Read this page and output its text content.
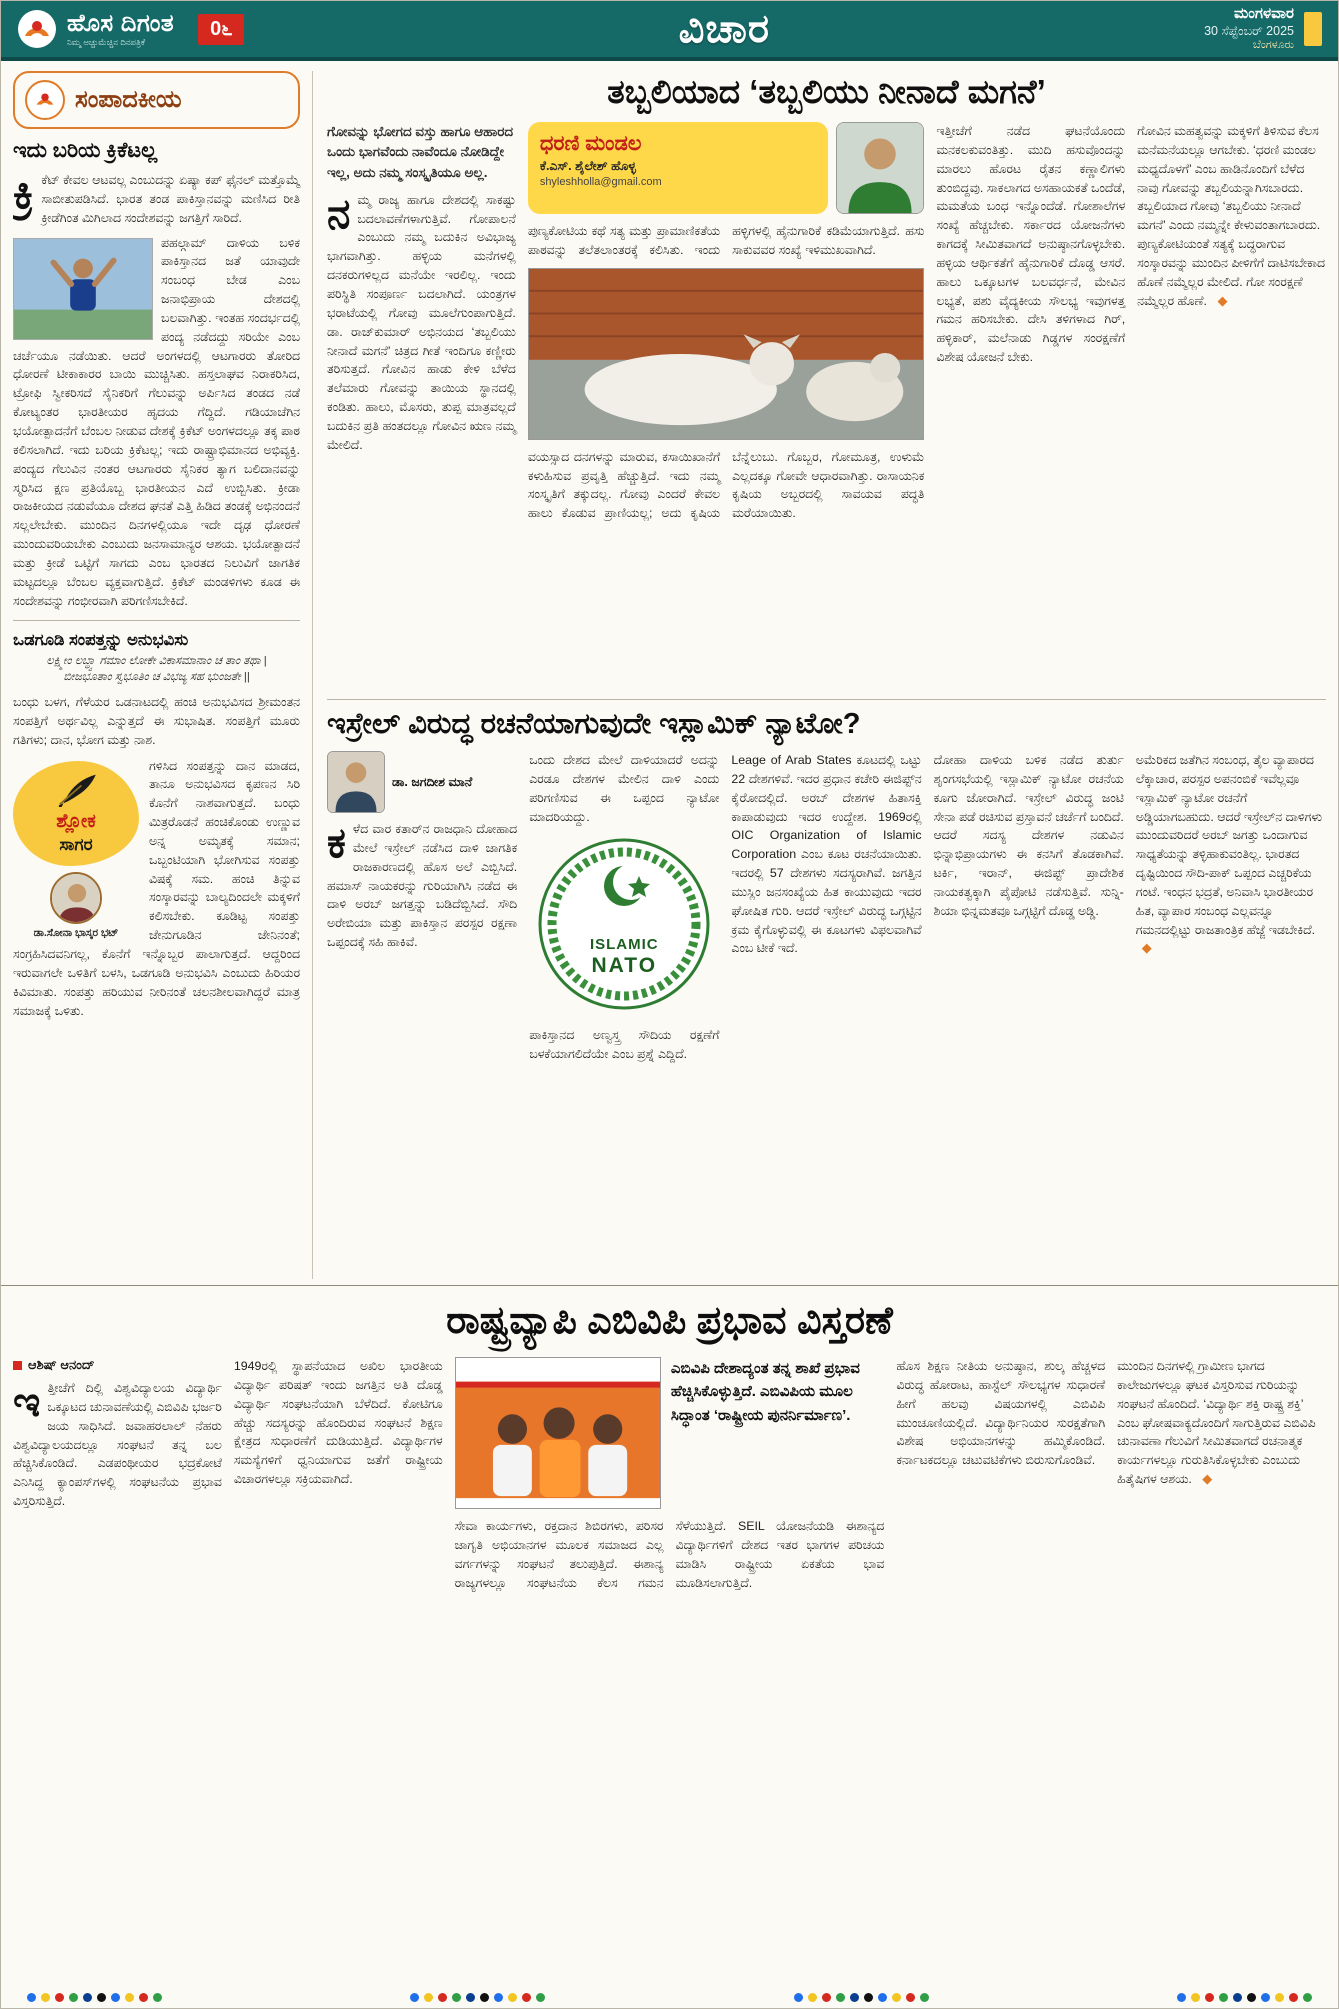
ಹೊಸ ದಿಗಂತ
ನಿಮ್ಮ ಅಚ್ಚುಮೆಚ್ಚಿನ ದಿನಪತ್ರಿಕೆ
0೬	ವಿಚಾರ	ಮಂಗಳವಾರ
30 ಸೆಪ್ಟೆಂಬರ್ 2025
ಬೆಂಗಳೂರು
ಸಂಪಾದಕೀಯ
ಇದು ಬರಿಯ ಕ್ರಿಕೆಟಲ್ಲ

ಕ್ರಿ ಕೆಟ್ ಕೇವಲ ಆಟವಲ್ಲ ಎಂಬುದನ್ನು ಏಷ್ಯಾ ಕಪ್ ಫೈನಲ್ ಮತ್ತೊಮ್ಮೆ ಸಾಬೀತುಪಡಿಸಿದೆ. ಭಾರತ ತಂಡ ಪಾಕಿಸ್ತಾನವನ್ನು ಮಣಿಸಿದ ರೀತಿ ಕ್ರೀಡೆಗಿಂತ ಮಿಗಿಲಾದ ಸಂದೇಶವನ್ನು ಜಗತ್ತಿಗೆ ಸಾರಿದೆ.

ಪಹಲ್ಗಾಮ್ ದಾಳಿಯ ಬಳಿಕ ಪಾಕಿಸ್ತಾನದ ಜತೆ ಯಾವುದೇ ಸಂಬಂಧ ಬೇಡ ಎಂಬ ಜನಾಭಿಪ್ರಾಯ ದೇಶದಲ್ಲಿ ಬಲವಾಗಿತ್ತು. ಇಂತಹ ಸಂದರ್ಭದಲ್ಲಿ ಪಂದ್ಯ ನಡೆದದ್ದು ಸರಿಯೇ ಎಂಬ ಚರ್ಚೆಯೂ ನಡೆಯಿತು. ಆದರೆ ಅಂಗಳದಲ್ಲಿ ಆಟಗಾರರು ತೋರಿದ ಧೋರಣೆ ಟೀಕಾಕಾರರ ಬಾಯಿ ಮುಚ್ಚಿಸಿತು. ಹಸ್ತಲಾಘವ ನಿರಾಕರಿಸಿದ, ಟ್ರೋಫಿ ಸ್ವೀಕರಿಸದೆ ಸೈನಿಕರಿಗೆ ಗೆಲುವನ್ನು ಅರ್ಪಿಸಿದ ತಂಡದ ನಡೆ ಕೋಟ್ಯಂತರ ಭಾರತೀಯರ ಹೃದಯ ಗೆದ್ದಿದೆ. ಗಡಿಯಾಚೆಗಿನ ಭಯೋತ್ಪಾದನೆಗೆ ಬೆಂಬಲ ನೀಡುವ ದೇಶಕ್ಕೆ ಕ್ರಿಕೆಟ್ ಅಂಗಳದಲ್ಲೂ ತಕ್ಕ ಪಾಠ ಕಲಿಸಲಾಗಿದೆ. ಇದು ಬರಿಯ ಕ್ರಿಕೆಟಲ್ಲ; ಇದು ರಾಷ್ಟ್ರಾಭಿಮಾನದ ಅಭಿವ್ಯಕ್ತಿ. ಪಂದ್ಯದ ಗೆಲುವಿನ ನಂತರ ಆಟಗಾರರು ಸೈನಿಕರ ತ್ಯಾಗ ಬಲಿದಾನವನ್ನು ಸ್ಮರಿಸಿದ ಕ್ಷಣ ಪ್ರತಿಯೊಬ್ಬ ಭಾರತೀಯನ ಎದೆ ಉಬ್ಬಿಸಿತು. ಕ್ರೀಡಾ ರಾಜಕೀಯದ ನಡುವೆಯೂ ದೇಶದ ಘನತೆ ಎತ್ತಿ ಹಿಡಿದ ತಂಡಕ್ಕೆ ಅಭಿನಂದನೆ ಸಲ್ಲಲೇಬೇಕು. ಮುಂದಿನ ದಿನಗಳಲ್ಲಿಯೂ ಇದೇ ದೃಢ ಧೋರಣೆ ಮುಂದುವರಿಯಬೇಕು ಎಂಬುದು ಜನಸಾಮಾನ್ಯರ ಆಶಯ. ಭಯೋತ್ಪಾದನೆ ಮತ್ತು ಕ್ರೀಡೆ ಒಟ್ಟಿಗೆ ಸಾಗದು ಎಂಬ ಭಾರತದ ನಿಲುವಿಗೆ ಜಾಗತಿಕ ಮಟ್ಟದಲ್ಲೂ ಬೆಂಬಲ ವ್ಯಕ್ತವಾಗುತ್ತಿದೆ. ಕ್ರಿಕೆಟ್ ಮಂಡಳಿಗಳು ಕೂಡ ಈ ಸಂದೇಶವನ್ನು ಗಂಭೀರವಾಗಿ ಪರಿಗಣಿಸಬೇಕಿದೆ.
ಒಡಗೂಡಿ ಸಂಪತ್ತನ್ನು ಅನುಭವಿಸು
ಲಕ್ಷ್ಮೀಂ ಲಬ್ಧ್ವಾ ಗಮಾಂ ಲೋಕೇ ವಿಕಾಸಮಾನಾಂ ಚ ತಾಂ ತಥಾ |
ಬೀಜಭೂತಾಂ ಸ್ವಭೂತಿಂ ಚ ವಿಭಜ್ಯ ಸಹ ಭುಂಜತೇ ||

ಬಂಧು ಬಳಗ, ಗೆಳೆಯರ ಒಡನಾಟದಲ್ಲಿ ಹಂಚಿ ಅನುಭವಿಸದ ಶ್ರೀಮಂತನ ಸಂಪತ್ತಿಗೆ ಅರ್ಥವಿಲ್ಲ ಎನ್ನುತ್ತದೆ ಈ ಸುಭಾಷಿತ. ಸಂಪತ್ತಿಗೆ ಮೂರು ಗತಿಗಳು; ದಾನ, ಭೋಗ ಮತ್ತು ನಾಶ.

ಶ್ಲೋಕ
ಸಾಗರ
ಡಾ.ಸೋನಾ ಭಾಸ್ಕರ ಭಟ್
ಗಳಿಸಿದ ಸಂಪತ್ತನ್ನು ದಾನ ಮಾಡದ, ತಾನೂ ಅನುಭವಿಸದ ಕೃಪಣನ ಸಿರಿ ಕೊನೆಗೆ ನಾಶವಾಗುತ್ತದೆ. ಬಂಧು ಮಿತ್ರರೊಡನೆ ಹಂಚಿಕೊಂಡು ಉಣ್ಣುವ ಅನ್ನ ಅಮೃತಕ್ಕೆ ಸಮಾನ; ಒಬ್ಬಂಟಿಯಾಗಿ ಭೋಗಿಸುವ ಸಂಪತ್ತು ವಿಷಕ್ಕೆ ಸಮ. ಹಂಚಿ ತಿನ್ನುವ ಸಂಸ್ಕಾರವನ್ನು ಬಾಲ್ಯದಿಂದಲೇ ಮಕ್ಕಳಿಗೆ ಕಲಿಸಬೇಕು. ಕೂಡಿಟ್ಟ ಸಂಪತ್ತು ಜೇನುಗೂಡಿನ ಜೇನಿನಂತೆ; ಸಂಗ್ರಹಿಸಿದವನಿಗಲ್ಲ, ಕೊನೆಗೆ ಇನ್ನೊಬ್ಬರ ಪಾಲಾಗುತ್ತದೆ. ಆದ್ದರಿಂದ ಇರುವಾಗಲೇ ಒಳಿತಿಗೆ ಬಳಸಿ, ಒಡಗೂಡಿ ಅನುಭವಿಸಿ ಎಂಬುದು ಹಿರಿಯರ ಕಿವಿಮಾತು. ಸಂಪತ್ತು ಹರಿಯುವ ನೀರಿನಂತೆ ಚಲನಶೀಲವಾಗಿದ್ದರೆ ಮಾತ್ರ ಸಮಾಜಕ್ಕೆ ಒಳಿತು.
ತಬ್ಬಲಿಯಾದ ‘ತಬ್ಬಲಿಯು ನೀನಾದೆ ಮಗನೆ’

ಗೋವನ್ನು ಭೋಗದ ವಸ್ತು ಹಾಗೂ ಆಹಾರದ ಒಂದು ಭಾಗವೆಂದು ನಾವೆಂದೂ ನೋಡಿದ್ದೇ ಇಲ್ಲ, ಅದು ನಮ್ಮ ಸಂಸ್ಕೃತಿಯೂ ಅಲ್ಲ.

ನಮ್ಮ ರಾಜ್ಯ ಹಾಗೂ ದೇಶದಲ್ಲಿ ಸಾಕಷ್ಟು ಬದಲಾವಣೆಗಳಾಗುತ್ತಿವೆ. ಗೋಪಾಲನೆ ಎಂಬುದು ನಮ್ಮ ಬದುಕಿನ ಅವಿಭಾಜ್ಯ ಭಾಗವಾಗಿತ್ತು. ಹಳ್ಳಿಯ ಮನೆಗಳಲ್ಲಿ ದನಕರುಗಳಿಲ್ಲದ ಮನೆಯೇ ಇರಲಿಲ್ಲ. ಇಂದು ಪರಿಸ್ಥಿತಿ ಸಂಪೂರ್ಣ ಬದಲಾಗಿದೆ. ಯಂತ್ರಗಳ ಭರಾಟೆಯಲ್ಲಿ ಗೋವು ಮೂಲೆಗುಂಪಾಗುತ್ತಿದೆ. ಡಾ. ರಾಜ್‌ಕುಮಾರ್ ಅಭಿನಯದ ‘ತಬ್ಬಲಿಯು ನೀನಾದೆ ಮಗನೆ’ ಚಿತ್ರದ ಗೀತೆ ಇಂದಿಗೂ ಕಣ್ಣೀರು ತರಿಸುತ್ತದೆ. ಗೋವಿನ ಹಾಡು ಕೇಳಿ ಬೆಳೆದ ತಲೆಮಾರು ಗೋವನ್ನು ತಾಯಿಯ ಸ್ಥಾನದಲ್ಲಿ ಕಂಡಿತು. ಹಾಲು, ಮೊಸರು, ತುಪ್ಪ ಮಾತ್ರವಲ್ಲದೆ ಬದುಕಿನ ಪ್ರತಿ ಹಂತದಲ್ಲೂ ಗೋವಿನ ಋಣ ನಮ್ಮ ಮೇಲಿದೆ.

ಧರಣಿ ಮಂಡಲ
ಕೆ.ಎಸ್. ಶೈಲೇಶ್ ಹೊಳ್ಳ
shyleshholla@gmail.com
ಪುಣ್ಯಕೋಟಿಯ ಕಥೆ ಸತ್ಯ ಮತ್ತು ಪ್ರಾಮಾಣಿಕತೆಯ ಪಾಠವನ್ನು ತಲೆತಲಾಂತರಕ್ಕೆ ಕಲಿಸಿತು. ಇಂದು ಹಳ್ಳಿಗಳಲ್ಲಿ ಹೈನುಗಾರಿಕೆ ಕಡಿಮೆಯಾಗುತ್ತಿದೆ. ಹಸು ಸಾಕುವವರ ಸಂಖ್ಯೆ ಇಳಿಮುಖವಾಗಿದೆ.
ವಯಸ್ಸಾದ ದನಗಳನ್ನು ಮಾರುವ, ಕಸಾಯಿಖಾನೆಗೆ ಕಳುಹಿಸುವ ಪ್ರವೃತ್ತಿ ಹೆಚ್ಚುತ್ತಿದೆ. ಇದು ನಮ್ಮ ಸಂಸ್ಕೃತಿಗೆ ತಕ್ಕುದಲ್ಲ. ಗೋವು ಎಂದರೆ ಕೇವಲ ಹಾಲು ಕೊಡುವ ಪ್ರಾಣಿಯಲ್ಲ; ಅದು ಕೃಷಿಯ ಬೆನ್ನೆಲುಬು. ಗೊಬ್ಬರ, ಗೋಮೂತ್ರ, ಉಳುಮೆ ಎಲ್ಲದಕ್ಕೂ ಗೋವೇ ಆಧಾರವಾಗಿತ್ತು. ರಾಸಾಯನಿಕ ಕೃಷಿಯ ಅಬ್ಬರದಲ್ಲಿ ಸಾವಯವ ಪದ್ಧತಿ ಮರೆಯಾಯಿತು.
ಇತ್ತೀಚೆಗೆ ನಡೆದ ಘಟನೆಯೊಂದು ಮನಕಲಕುವಂತಿತ್ತು. ಮುದಿ ಹಸುವೊಂದನ್ನು ಮಾರಲು ಹೊರಟ ರೈತನ ಕಣ್ಣಾಲಿಗಳು ತುಂಬಿದ್ದವು. ಸಾಕಲಾಗದ ಅಸಹಾಯಕತೆ ಒಂದೆಡೆ, ಮಮತೆಯ ಬಂಧ ಇನ್ನೊಂದೆಡೆ. ಗೋಶಾಲೆಗಳ ಸಂಖ್ಯೆ ಹೆಚ್ಚಬೇಕು. ಸರ್ಕಾರದ ಯೋಜನೆಗಳು ಕಾಗದಕ್ಕೆ ಸೀಮಿತವಾಗದೆ ಅನುಷ್ಠಾನಗೊಳ್ಳಬೇಕು. ಹಳ್ಳಿಯ ಆರ್ಥಿಕತೆಗೆ ಹೈನುಗಾರಿಕೆ ದೊಡ್ಡ ಆಸರೆ. ಹಾಲು ಒಕ್ಕೂಟಗಳ ಬಲವರ್ಧನೆ, ಮೇವಿನ ಲಭ್ಯತೆ, ಪಶು ವೈದ್ಯಕೀಯ ಸೌಲಭ್ಯ ಇವುಗಳತ್ತ ಗಮನ ಹರಿಸಬೇಕು. ದೇಸಿ ತಳಿಗಳಾದ ಗಿರ್, ಹಳ್ಳಿಕಾರ್, ಮಲೆನಾಡು ಗಿಡ್ಡಗಳ ಸಂರಕ್ಷಣೆಗೆ ವಿಶೇಷ ಯೋಜನೆ ಬೇಕು.
ಗೋವಿನ ಮಹತ್ವವನ್ನು ಮಕ್ಕಳಿಗೆ ತಿಳಿಸುವ ಕೆಲಸ ಮನೆಮನೆಯಲ್ಲೂ ಆಗಬೇಕು. ‘ಧರಣಿ ಮಂಡಲ ಮಧ್ಯದೊಳಗೆ’ ಎಂಬ ಹಾಡಿನೊಂದಿಗೆ ಬೆಳೆದ ನಾವು ಗೋವನ್ನು ತಬ್ಬಲಿಯನ್ನಾಗಿಸಬಾರದು. ತಬ್ಬಲಿಯಾದ ಗೋವು ‘ತಬ್ಬಲಿಯು ನೀನಾದೆ ಮಗನೆ’ ಎಂದು ನಮ್ಮನ್ನೇ ಕೇಳುವಂತಾಗಬಾರದು. ಪುಣ್ಯಕೋಟಿಯಂತೆ ಸತ್ಯಕ್ಕೆ ಬದ್ಧರಾಗುವ ಸಂಸ್ಕಾರವನ್ನು ಮುಂದಿನ ಪೀಳಿಗೆಗೆ ದಾಟಿಸಬೇಕಾದ ಹೊಣೆ ನಮ್ಮೆಲ್ಲರ ಮೇಲಿದೆ. ಗೋ ಸಂರಕ್ಷಣೆ ನಮ್ಮೆಲ್ಲರ ಹೊಣೆ. ◆
ಇಸ್ರೇಲ್ ವಿರುದ್ಧ ರಚನೆಯಾಗುವುದೇ ಇಸ್ಲಾಮಿಕ್ ನ್ಯಾಟೋ?
ಡಾ. ಜಗದೀಶ ಮಾನೆ

ಕಳೆದ ವಾರ ಕತಾರ್‌ನ ರಾಜಧಾನಿ ದೋಹಾದ ಮೇಲೆ ಇಸ್ರೇಲ್ ನಡೆಸಿದ ದಾಳಿ ಜಾಗತಿಕ ರಾಜಕಾರಣದಲ್ಲಿ ಹೊಸ ಅಲೆ ಎಬ್ಬಿಸಿದೆ. ಹಮಾಸ್ ನಾಯಕರನ್ನು ಗುರಿಯಾಗಿಸಿ ನಡೆದ ಈ ದಾಳಿ ಅರಬ್ ಜಗತ್ತನ್ನು ಬಡಿದೆಬ್ಬಿಸಿದೆ. ಸೌದಿ ಅರೇಬಿಯಾ ಮತ್ತು ಪಾಕಿಸ್ತಾನ ಪರಸ್ಪರ ರಕ್ಷಣಾ ಒಪ್ಪಂದಕ್ಕೆ ಸಹಿ ಹಾಕಿವೆ.

ಒಂದು ದೇಶದ ಮೇಲೆ ದಾಳಿಯಾದರೆ ಅದನ್ನು ಎರಡೂ ದೇಶಗಳ ಮೇಲಿನ ದಾಳಿ ಎಂದು ಪರಿಗಣಿಸುವ ಈ ಒಪ್ಪಂದ ನ್ಯಾಟೋ ಮಾದರಿಯದ್ದು.

ISLAMIC
NATO

ಪಾಕಿಸ್ತಾನದ ಅಣ್ವಸ್ತ್ರ ಸೌದಿಯ ರಕ್ಷಣೆಗೆ ಬಳಕೆಯಾಗಲಿದೆಯೇ ಎಂಬ ಪ್ರಶ್ನೆ ಎದ್ದಿದೆ.

Leage of Arab States ಕೂಟದಲ್ಲಿ ಒಟ್ಟು 22 ದೇಶಗಳಿವೆ. ಇದರ ಪ್ರಧಾನ ಕಚೇರಿ ಈಜಿಪ್ಟ್‌ನ ಕೈರೋದಲ್ಲಿದೆ. ಅರಬ್ ದೇಶಗಳ ಹಿತಾಸಕ್ತಿ ಕಾಪಾಡುವುದು ಇದರ ಉದ್ದೇಶ. 1969ರಲ್ಲಿ OIC Organization of Islamic Corporation ಎಂಬ ಕೂಟ ರಚನೆಯಾಯಿತು. ಇದರಲ್ಲಿ 57 ದೇಶಗಳು ಸದಸ್ಯರಾಗಿವೆ. ಜಗತ್ತಿನ ಮುಸ್ಲಿಂ ಜನಸಂಖ್ಯೆಯ ಹಿತ ಕಾಯುವುದು ಇದರ ಘೋಷಿತ ಗುರಿ. ಆದರೆ ಇಸ್ರೇಲ್ ವಿರುದ್ಧ ಒಗ್ಗಟ್ಟಿನ ಕ್ರಮ ಕೈಗೊಳ್ಳುವಲ್ಲಿ ಈ ಕೂಟಗಳು ವಿಫಲವಾಗಿವೆ ಎಂಬ ಟೀಕೆ ಇದೆ.
ದೋಹಾ ದಾಳಿಯ ಬಳಿಕ ನಡೆದ ತುರ್ತು ಶೃಂಗಸಭೆಯಲ್ಲಿ ಇಸ್ಲಾಮಿಕ್ ನ್ಯಾಟೋ ರಚನೆಯ ಕೂಗು ಜೋರಾಗಿದೆ. ಇಸ್ರೇಲ್ ವಿರುದ್ಧ ಜಂಟಿ ಸೇನಾ ಪಡೆ ರಚಿಸುವ ಪ್ರಸ್ತಾವನೆ ಚರ್ಚೆಗೆ ಬಂದಿದೆ. ಆದರೆ ಸದಸ್ಯ ದೇಶಗಳ ನಡುವಿನ ಭಿನ್ನಾಭಿಪ್ರಾಯಗಳು ಈ ಕನಸಿಗೆ ತೊಡಕಾಗಿವೆ. ಟರ್ಕಿ, ಇರಾನ್, ಈಜಿಪ್ಟ್ ಪ್ರಾದೇಶಿಕ ನಾಯಕತ್ವಕ್ಕಾಗಿ ಪೈಪೋಟಿ ನಡೆಸುತ್ತಿವೆ. ಸುನ್ನಿ-ಶಿಯಾ ಭಿನ್ನಮತವೂ ಒಗ್ಗಟ್ಟಿಗೆ ದೊಡ್ಡ ಅಡ್ಡಿ.
ಅಮೆರಿಕದ ಜತೆಗಿನ ಸಂಬಂಧ, ತೈಲ ವ್ಯಾಪಾರದ ಲೆಕ್ಕಾಚಾರ, ಪರಸ್ಪರ ಅಪನಂಬಿಕೆ ಇವೆಲ್ಲವೂ ಇಸ್ಲಾಮಿಕ್ ನ್ಯಾಟೋ ರಚನೆಗೆ ಅಡ್ಡಿಯಾಗಬಹುದು. ಆದರೆ ಇಸ್ರೇಲ್‌ನ ದಾಳಿಗಳು ಮುಂದುವರಿದರೆ ಅರಬ್ ಜಗತ್ತು ಒಂದಾಗುವ ಸಾಧ್ಯತೆಯನ್ನು ತಳ್ಳಿಹಾಕುವಂತಿಲ್ಲ. ಭಾರತದ ದೃಷ್ಟಿಯಿಂದ ಸೌದಿ-ಪಾಕ್ ಒಪ್ಪಂದ ಎಚ್ಚರಿಕೆಯ ಗಂಟೆ. ಇಂಧನ ಭದ್ರತೆ, ಅನಿವಾಸಿ ಭಾರತೀಯರ ಹಿತ, ವ್ಯಾಪಾರ ಸಂಬಂಧ ಎಲ್ಲವನ್ನೂ ಗಮನದಲ್ಲಿಟ್ಟು ರಾಜತಾಂತ್ರಿಕ ಹೆಜ್ಜೆ ಇಡಬೇಕಿದೆ. ◆
ರಾಷ್ಟ್ರವ್ಯಾಪಿ ಎಬಿವಿಪಿ ಪ್ರಭಾವ ವಿಸ್ತರಣೆ
ಆಶಿಷ್ ಆನಂದ್

ಇತ್ತೀಚೆಗೆ ದಿಲ್ಲಿ ವಿಶ್ವವಿದ್ಯಾಲಯ ವಿದ್ಯಾರ್ಥಿ ಒಕ್ಕೂಟದ ಚುನಾವಣೆಯಲ್ಲಿ ಎಬಿವಿಪಿ ಭರ್ಜರಿ ಜಯ ಸಾಧಿಸಿದೆ. ಜವಾಹರಲಾಲ್ ನೆಹರು ವಿಶ್ವವಿದ್ಯಾಲಯದಲ್ಲೂ ಸಂಘಟನೆ ತನ್ನ ಬಲ ಹೆಚ್ಚಿಸಿಕೊಂಡಿದೆ. ಎಡಪಂಥೀಯರ ಭದ್ರಕೋಟೆ ಎನಿಸಿದ್ದ ಕ್ಯಾಂಪಸ್‌ಗಳಲ್ಲಿ ಸಂಘಟನೆಯ ಪ್ರಭಾವ ವಿಸ್ತರಿಸುತ್ತಿದೆ.

1949ರಲ್ಲಿ ಸ್ಥಾಪನೆಯಾದ ಅಖಿಲ ಭಾರತೀಯ ವಿದ್ಯಾರ್ಥಿ ಪರಿಷತ್ ಇಂದು ಜಗತ್ತಿನ ಅತಿ ದೊಡ್ಡ ವಿದ್ಯಾರ್ಥಿ ಸಂಘಟನೆಯಾಗಿ ಬೆಳೆದಿದೆ. ಕೋಟಿಗೂ ಹೆಚ್ಚು ಸದಸ್ಯರನ್ನು ಹೊಂದಿರುವ ಸಂಘಟನೆ ಶಿಕ್ಷಣ ಕ್ಷೇತ್ರದ ಸುಧಾರಣೆಗೆ ದುಡಿಯುತ್ತಿದೆ. ವಿದ್ಯಾರ್ಥಿಗಳ ಸಮಸ್ಯೆಗಳಿಗೆ ಧ್ವನಿಯಾಗುವ ಜತೆಗೆ ರಾಷ್ಟ್ರೀಯ ವಿಚಾರಗಳಲ್ಲೂ ಸಕ್ರಿಯವಾಗಿದೆ.
ಎಬಿವಿಪಿ ದೇಶಾದ್ಯಂತ ತನ್ನ ಶಾಖೆ ಪ್ರಭಾವ ಹೆಚ್ಚಿಸಿಕೊಳ್ಳುತ್ತಿದೆ. ಎಬಿವಿಪಿಯ ಮೂಲ ಸಿದ್ಧಾಂತ ‘ರಾಷ್ಟ್ರೀಯ ಪುನರ್ನಿರ್ಮಾಣ’.
ಸೇವಾ ಕಾರ್ಯಗಳು, ರಕ್ತದಾನ ಶಿಬಿರಗಳು, ಪರಿಸರ ಜಾಗೃತಿ ಅಭಿಯಾನಗಳ ಮೂಲಕ ಸಮಾಜದ ಎಲ್ಲ ವರ್ಗಗಳನ್ನು ಸಂಘಟನೆ ತಲುಪುತ್ತಿದೆ. ಈಶಾನ್ಯ ರಾಜ್ಯಗಳಲ್ಲೂ ಸಂಘಟನೆಯ ಕೆಲಸ ಗಮನ ಸೆಳೆಯುತ್ತಿದೆ. SEIL ಯೋಜನೆಯಡಿ ಈಶಾನ್ಯದ ವಿದ್ಯಾರ್ಥಿಗಳಿಗೆ ದೇಶದ ಇತರ ಭಾಗಗಳ ಪರಿಚಯ ಮಾಡಿಸಿ ರಾಷ್ಟ್ರೀಯ ಏಕತೆಯ ಭಾವ ಮೂಡಿಸಲಾಗುತ್ತಿದೆ.
ಹೊಸ ಶಿಕ್ಷಣ ನೀತಿಯ ಅನುಷ್ಠಾನ, ಶುಲ್ಕ ಹೆಚ್ಚಳದ ವಿರುದ್ಧ ಹೋರಾಟ, ಹಾಸ್ಟೆಲ್ ಸೌಲಭ್ಯಗಳ ಸುಧಾರಣೆ ಹೀಗೆ ಹಲವು ವಿಷಯಗಳಲ್ಲಿ ಎಬಿವಿಪಿ ಮುಂಚೂಣಿಯಲ್ಲಿದೆ. ವಿದ್ಯಾರ್ಥಿನಿಯರ ಸುರಕ್ಷತೆಗಾಗಿ ವಿಶೇಷ ಅಭಿಯಾನಗಳನ್ನು ಹಮ್ಮಿಕೊಂಡಿದೆ. ಕರ್ನಾಟಕದಲ್ಲೂ ಚಟುವಟಿಕೆಗಳು ಬಿರುಸುಗೊಂಡಿವೆ.
ಮುಂದಿನ ದಿನಗಳಲ್ಲಿ ಗ್ರಾಮೀಣ ಭಾಗದ ಕಾಲೇಜುಗಳಲ್ಲೂ ಘಟಕ ವಿಸ್ತರಿಸುವ ಗುರಿಯನ್ನು ಸಂಘಟನೆ ಹೊಂದಿದೆ. ‘ವಿದ್ಯಾರ್ಥಿ ಶಕ್ತಿ ರಾಷ್ಟ್ರ ಶಕ್ತಿ’ ಎಂಬ ಘೋಷವಾಕ್ಯದೊಂದಿಗೆ ಸಾಗುತ್ತಿರುವ ಎಬಿವಿಪಿ ಚುನಾವಣಾ ಗೆಲುವಿಗೆ ಸೀಮಿತವಾಗದೆ ರಚನಾತ್ಮಕ ಕಾರ್ಯಗಳಲ್ಲೂ ಗುರುತಿಸಿಕೊಳ್ಳಬೇಕು ಎಂಬುದು ಹಿತೈಷಿಗಳ ಆಶಯ. ◆
